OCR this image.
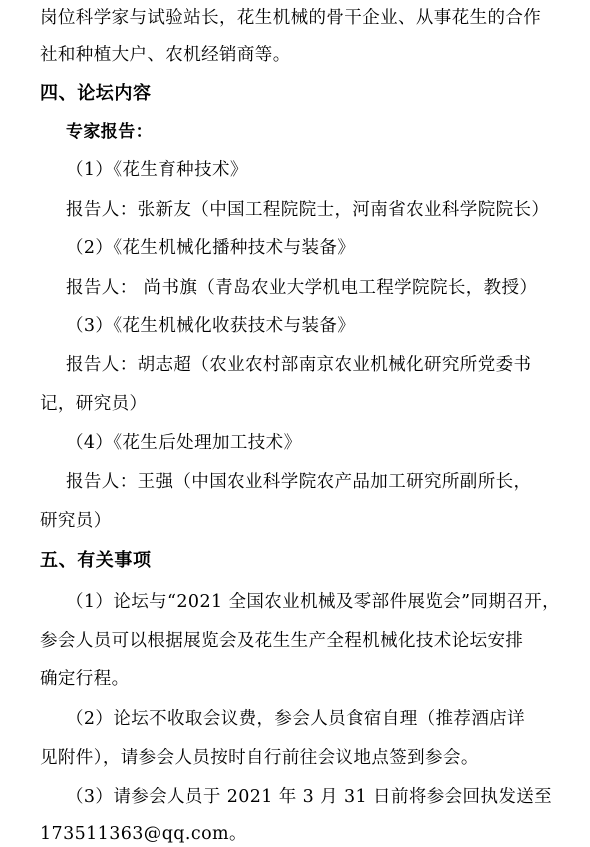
岗位科学家与试验站长，花生机械的骨干企业、从事花生的合作
社和种植大户、农机经销商等。
四、论坛内容
专家报告：
（1）《花生育种技术》
报告人：张新友（中国工程院院士，河南省农业科学院院长）
（2）《花生机械化播种技术与装备》
报告人： 尚书旗（青岛农业大学机电工程学院院长，教授）
（3）《花生机械化收获技术与装备》
报告人：胡志超（农业农村部南京农业机械化研究所党委书
记，研究员）
（4）《花生后处理加工技术》
报告人：王强（中国农业科学院农产品加工研究所副所长，
研究员）
五、有关事项
（1）论坛与“2021 全国农业机械及零部件展览会”同期召开，
参会人员可以根据展览会及花生生产全程机械化技术论坛安排
确定行程。
（2）论坛不收取会议费，参会人员食宿自理（推荐酒店详
见附件），请参会人员按时自行前往会议地点签到参会。
（3）请参会人员于 2021 年 3 月 31 日前将参会回执发送至
173511363@qq.com。
